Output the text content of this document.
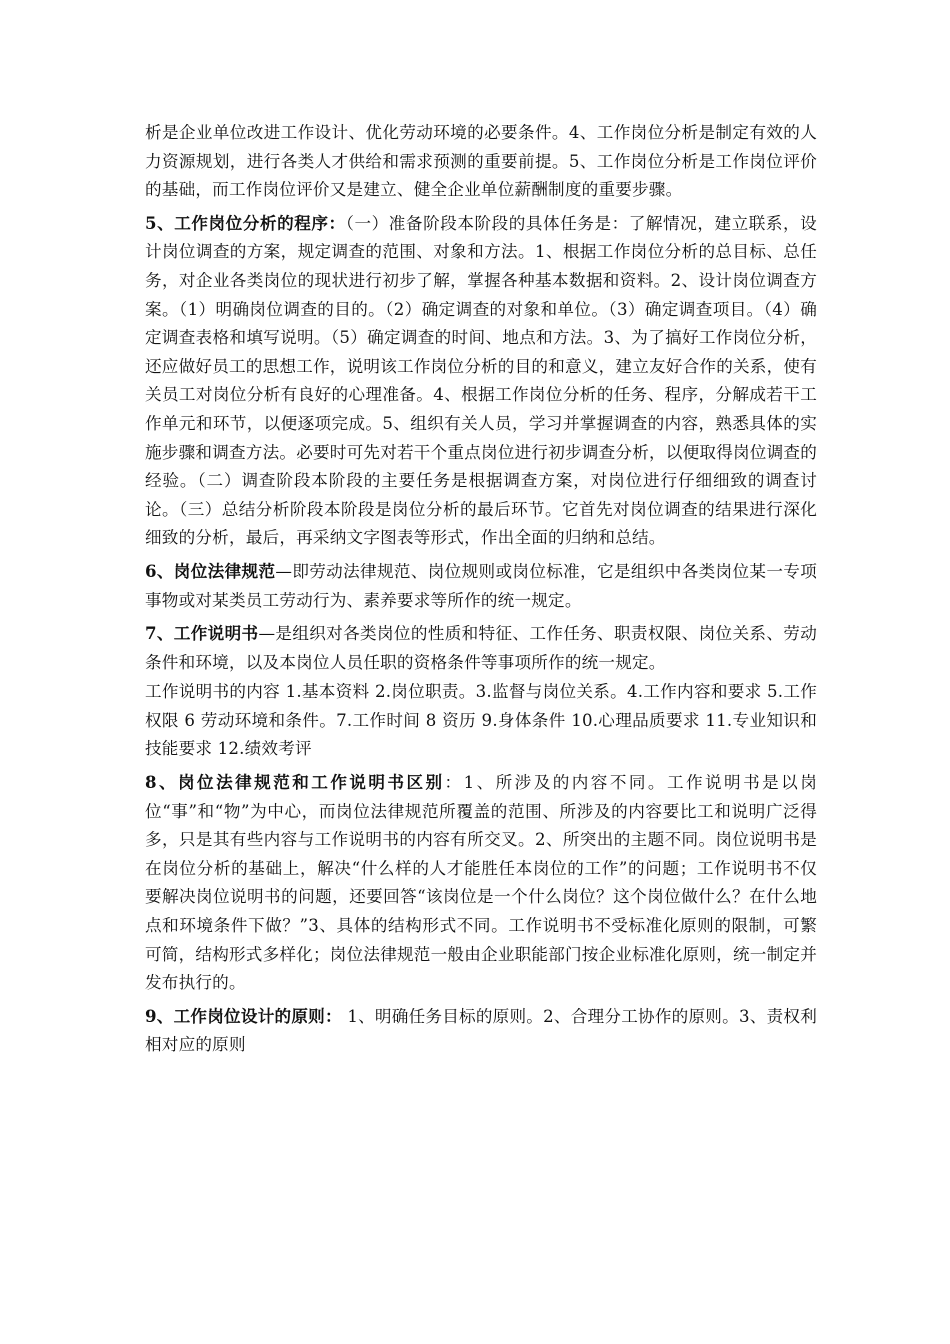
析是企业单位改进工作设计、优化劳动环境的必要条件。4、工作岗位分析是制定有效的人力资源规划，进行各类人才供给和需求预测的重要前提。5、工作岗位分析是工作岗位评价的基础，而工作岗位评价又是建立、健全企业单位薪酬制度的重要步骤。

5、工作岗位分析的程序：（一）准备阶段本阶段的具体任务是：了解情况，建立联系，设计岗位调查的方案，规定调查的范围、对象和方法。1、根据工作岗位分析的总目标、总任务，对企业各类岗位的现状进行初步了解，掌握各种基本数据和资料。2、设计岗位调查方案。（1）明确岗位调查的目的。（2）确定调查的对象和单位。（3）确定调查项目。（4）确定调查表格和填写说明。（5）确定调查的时间、地点和方法。3、为了搞好工作岗位分析，还应做好员工的思想工作，说明该工作岗位分析的目的和意义，建立友好合作的关系，使有关员工对岗位分析有良好的心理准备。4、根据工作岗位分析的任务、程序，分解成若干工作单元和环节，以便逐项完成。5、组织有关人员，学习并掌握调查的内容，熟悉具体的实施步骤和调查方法。必要时可先对若干个重点岗位进行初步调查分析，以便取得岗位调查的经验。（二）调查阶段本阶段的主要任务是根据调查方案，对岗位进行仔细细致的调查讨论。（三）总结分析阶段本阶段是岗位分析的最后环节。它首先对岗位调查的结果进行深化细致的分析，最后，再采纳文字图表等形式，作出全面的归纳和总结。

6、岗位法律规范—即劳动法律规范、岗位规则或岗位标准，它是组织中各类岗位某一专项事物或对某类员工劳动行为、素养要求等所作的统一规定。

7、工作说明书—是组织对各类岗位的性质和特征、工作任务、职责权限、岗位关系、劳动条件和环境，以及本岗位人员任职的资格条件等事项所作的统一规定。

工作说明书的内容 1.基本资料 2.岗位职责。3.监督与岗位关系。4.工作内容和要求 5.工作权限 6 劳动环境和条件。7.工作时间 8 资历 9.身体条件 10.心理品质要求 11.专业知识和技能要求 12.绩效考评

8、岗位法律规范和工作说明书区别：1、所涉及的内容不同。工作说明书是以岗位“事”和“物”为中心，而岗位法律规范所覆盖的范围、所涉及的内容要比工和说明广泛得多，只是其有些内容与工作说明书的内容有所交叉。2、所突出的主题不同。岗位说明书是在岗位分析的基础上，解决“什么样的人才能胜任本岗位的工作”的问题；工作说明书不仅要解决岗位说明书的问题，还要回答“该岗位是一个什么岗位？这个岗位做什么？在什么地点和环境条件下做？”3、具体的结构形式不同。工作说明书不受标准化原则的限制，可繁可简，结构形式多样化；岗位法律规范一般由企业职能部门按企业标准化原则，统一制定并发布执行的。

9、工作岗位设计的原则： 1、明确任务目标的原则。2、合理分工协作的原则。3、责权利相对应的原则
